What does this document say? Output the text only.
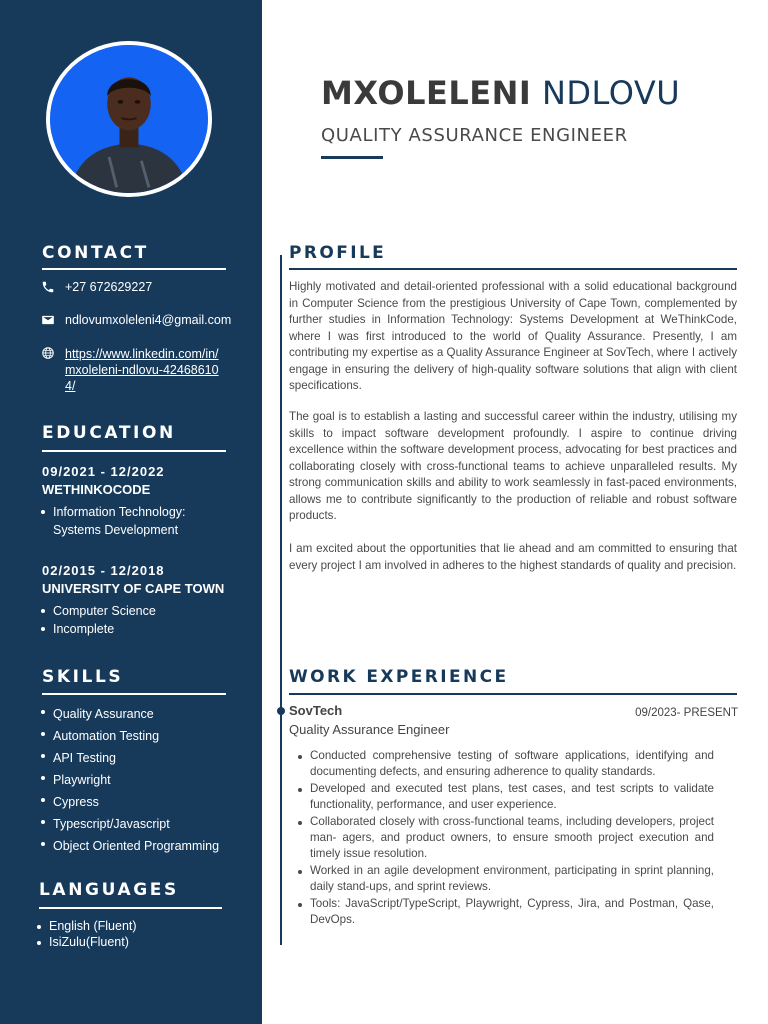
CONTACT
+27 672629227
ndlovumxoleleni4@gmail.com
https://www.linkedin.com/in/mxoleleni-ndlovu-424686104/
EDUCATION
09/2021 - 12/2022
WETHINKOCODE
Information Technology: Systems Development
02/2015 - 12/2018
UNIVERSITY OF CAPE TOWN
Computer Science
Incomplete
SKILLS
Quality Assurance
Automation Testing
API Testing
Playwright
Cypress
Typescript/Javascript
Object Oriented Programming
LANGUAGES
English (Fluent)
IsiZulu(Fluent)
MXOLELENI NDLOVU
QUALITY ASSURANCE ENGINEER
PROFILE

Highly motivated and detail-oriented professional with a solid educational background in Computer Science from the prestigious University of Cape Town, complemented by further studies in Information Technology: Systems Development at WeThinkCode, where I was first introduced to the world of Quality Assurance. Presently, I am contributing my expertise as a Quality Assurance Engineer at SovTech, where I actively engage in ensuring the delivery of high-quality software solutions that align with client specifications.

The goal is to establish a lasting and successful career within the industry, utilising my skills to impact software development profoundly. I aspire to continue driving excellence within the software development process, advocating for best practices and collaborating closely with cross-functional teams to achieve unparalleled results. My strong communication skills and ability to work seamlessly in fast-paced environments, allows me to contribute significantly to the production of reliable and robust software products.

I am excited about the opportunities that lie ahead and am committed to ensuring that every project I am involved in adheres to the highest standards of quality and precision.

WORK EXPERIENCE
SovTech	09/2023- PRESENT
Quality Assurance Engineer
Conducted comprehensive testing of software applications, identifying and documenting defects, and ensuring adherence to quality standards.
Developed and executed test plans, test cases, and test scripts to validate functionality, performance, and user experience.
Collaborated closely with cross-functional teams, including developers, project man- agers, and product owners, to ensure smooth project execution and timely issue resolution.
Worked in an agile development environment, participating in sprint planning, daily stand-ups, and sprint reviews.
Tools: JavaScript/TypeScript, Playwright, Cypress, Jira, and Postman, Qase, DevOps.
